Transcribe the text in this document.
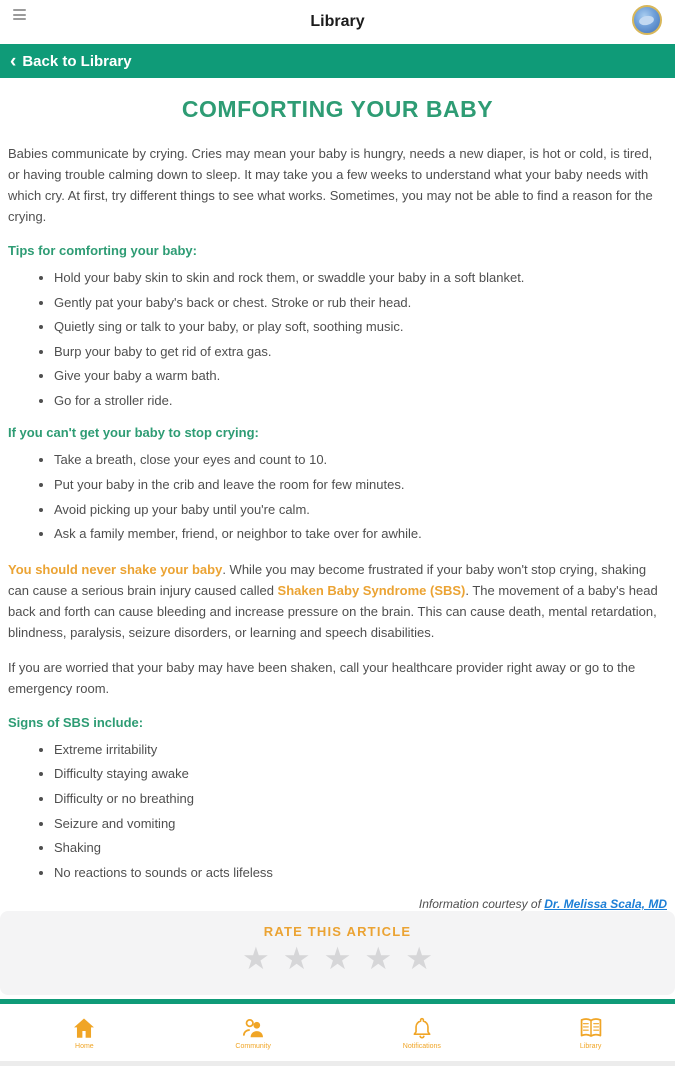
Library
‹ Back to Library
COMFORTING YOUR BABY

Babies communicate by crying. Cries may mean your baby is hungry, needs a new diaper, is hot or cold, is tired, or having trouble calming down to sleep. It may take you a few weeks to understand what your baby needs with which cry. At first, try different things to see what works. Sometimes, you may not be able to find a reason for the crying.

Tips for comforting your baby:
• Hold your baby skin to skin and rock them, or swaddle your baby in a soft blanket.
• Gently pat your baby's back or chest. Stroke or rub their head.
• Quietly sing or talk to your baby, or play soft, soothing music.
• Burp your baby to get rid of extra gas.
• Give your baby a warm bath.
• Go for a stroller ride.
If you can't get your baby to stop crying:
• Take a breath, close your eyes and count to 10.
• Put your baby in the crib and leave the room for few minutes.
• Avoid picking up your baby until you're calm.
• Ask a family member, friend, or neighbor to take over for awhile.

You should never shake your baby. While you may become frustrated if your baby won't stop crying, shaking can cause a serious brain injury caused called Shaken Baby Syndrome (SBS). The movement of a baby's head back and forth can cause bleeding and increase pressure on the brain. This can cause death, mental retardation, blindness, paralysis, seizure disorders, or learning and speech disabilities.

If you are worried that your baby may have been shaken, call your healthcare provider right away or go to the emergency room.

Signs of SBS include:
• Extreme irritability
• Difficulty staying awake
• Difficulty or no breathing
• Seizure and vomiting
• Shaking
• No reactions to sounds or acts lifeless
Information courtesy of Dr. Melissa Scala, MD
RATE THIS ARTICLE
★ ★ ★ ★ ★
Home	Community	Notifications	Library
